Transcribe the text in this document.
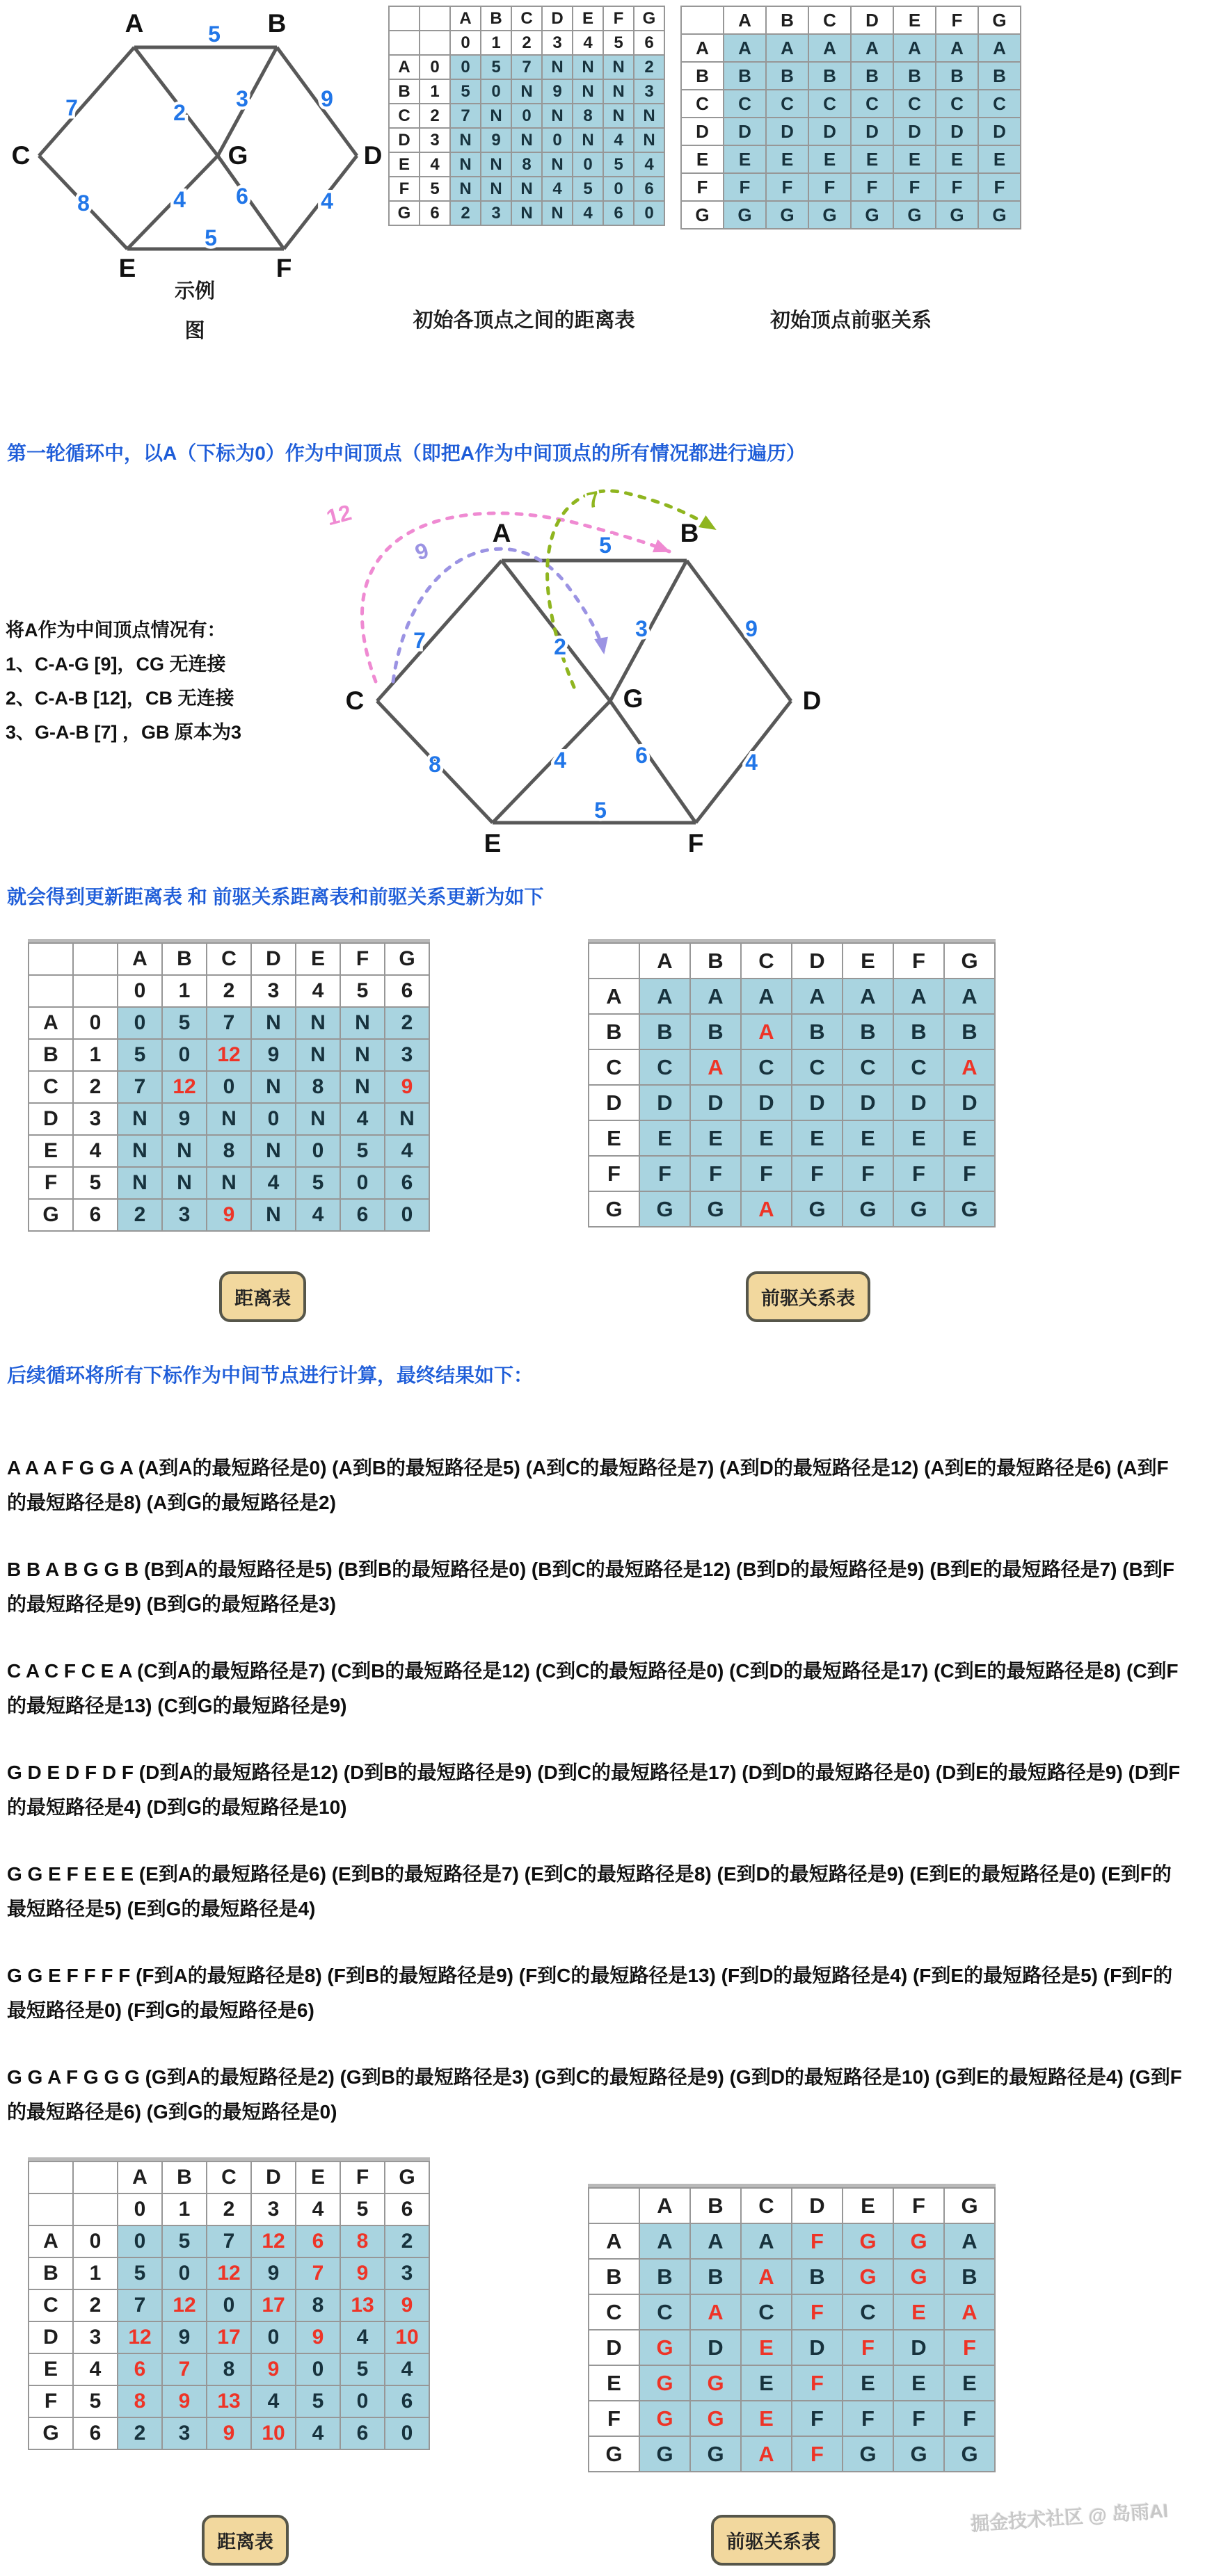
5
7	2
3	9
8	4 6
5
4
A	B
C	D
E	F
G
示例
图
		A	B	C	D	E	F	G
		0	1	2	3	4	5	6
A	0	0	5	7	N	N	N	2
B	1	5	0	N	9	N	N	3
C	2	7	N	0	N	8	N	N
D	3	N	9	N	0	N	4	N
E	4	N	N	8	N	0	5	4
F	5	N	N	N	4	5	0	6
G	6	2	3	N	N	4	6	0
	A	B	C	D	E	F	G
A	A	A	A	A	A	A	A
B	B	B	B	B	B	B	B
C	C	C	C	C	C	C	C
D	D	D	D	D	D	D	D
E	E	E	E	E	E	E	E
F	F	F	F	F	F	F	F
G	G	G	G	G	G	G	G
初始各顶点之间的距离表	初始顶点前驱关系
第一轮循环中，以A（下标为0）作为中间顶点（即把A作为中间顶点的所有情况都进行遍历）
将A作为中间顶点情况有：
1、C-A-G [9]，CG 无连接
2、C-A-B [12]，CB 无连接
3、G-A-B [7] ，GB 原本为3
12
9
7
5
7	2
3	9
8	4	6
5
4
A	B
C	D
E	F
G
就会得到更新距离表 和 前驱关系距离表和前驱关系更新为如下
		A	B	C	D	E	F	G
		0	1	2	3	4	5	6
A	0	0	5	7	N	N	N	2
B	1	5	0	12	9	N	N	3
C	2	7	12	0	N	8	N	9
D	3	N	9	N	0	N	4	N
E	4	N	N	8	N	0	5	4
F	5	N	N	N	4	5	0	6
G	6	2	3	9	N	4	6	0
	A	B	C	D	E	F	G
A	A	A	A	A	A	A	A
B	B	B	A	B	B	B	B
C	C	A	C	C	C	C	A
D	D	D	D	D	D	D	D
E	E	E	E	E	E	E	E
F	F	F	F	F	F	F	F
G	G	G	A	G	G	G	G
距离表	前驱关系表
后续循环将所有下标作为中间节点进行计算，最终结果如下：

A A A F G G A (A到A的最短路径是0) (A到B的最短路径是5) (A到C的最短路径是7) (A到D的最短路径是12) (A到E的最短路径是6) (A到F的最短路径是8) (A到G的最短路径是2)

B B A B G G B (B到A的最短路径是5) (B到B的最短路径是0) (B到C的最短路径是12) (B到D的最短路径是9) (B到E的最短路径是7) (B到F的最短路径是9) (B到G的最短路径是3)

C A C F C E A (C到A的最短路径是7) (C到B的最短路径是12) (C到C的最短路径是0) (C到D的最短路径是17) (C到E的最短路径是8) (C到F的最短路径是13) (C到G的最短路径是9)

G D E D F D F (D到A的最短路径是12) (D到B的最短路径是9) (D到C的最短路径是17) (D到D的最短路径是0) (D到E的最短路径是9) (D到F的最短路径是4) (D到G的最短路径是10)

G G E F E E E (E到A的最短路径是6) (E到B的最短路径是7) (E到C的最短路径是8) (E到D的最短路径是9) (E到E的最短路径是0) (E到F的最短路径是5) (E到G的最短路径是4)

G G E F F F F (F到A的最短路径是8) (F到B的最短路径是9) (F到C的最短路径是13) (F到D的最短路径是4) (F到E的最短路径是5) (F到F的最短路径是0) (F到G的最短路径是6)

G G A F G G G (G到A的最短路径是2) (G到B的最短路径是3) (G到C的最短路径是9) (G到D的最短路径是10) (G到E的最短路径是4) (G到F的最短路径是6) (G到G的最短路径是0)

		A	B	C	D	E	F	G
		0	1	2	3	4	5	6
A	0	0	5	7	12	6	8	2
B	1	5	0	12	9	7	9	3
C	2	7	12	0	17	8	13	9
D	3	12	9	17	0	9	4	10
E	4	6	7	8	9	0	5	4
F	5	8	9	13	4	5	0	6
G	6	2	3	9	10	4	6	0
	A	B	C	D	E	F	G
A	A	A	A	F	G	G	A
B	B	B	A	B	G	G	B
C	C	A	C	F	C	E	A
D	G	D	E	D	F	D	F
E	G	G	E	F	E	E	E
F	G	G	E	F	F	F	F
G	G	G	A	F	G	G	G
距离表	前驱关系表
掘金技术社区 @ 岛雨AI
